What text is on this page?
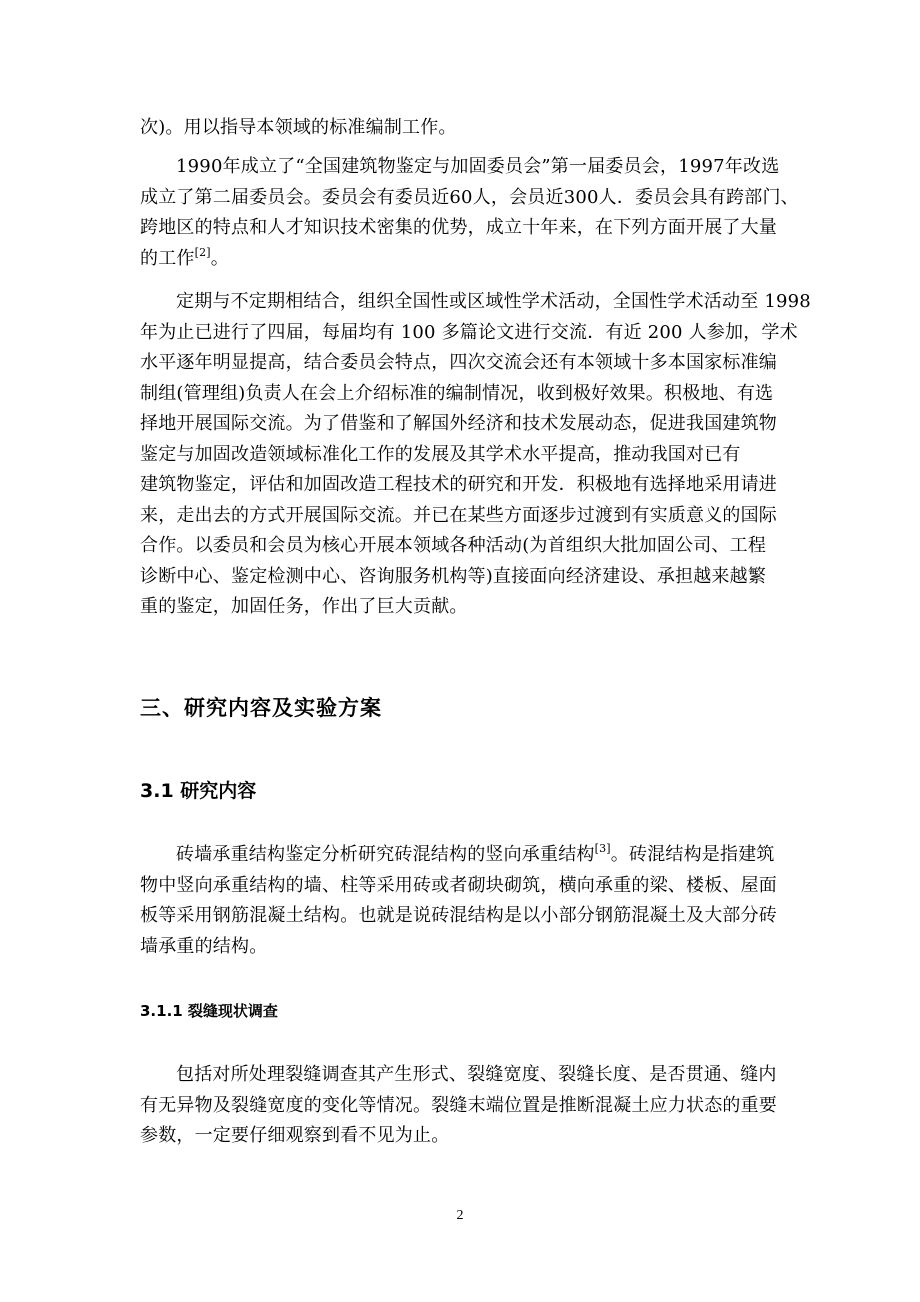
次)。用以指导本领域的标准编制工作。
1990年成立了“全国建筑物鉴定与加固委员会”第一届委员会，1997年改选
成立了第二届委员会。委员会有委员近60人，会员近300人．委员会具有跨部门、
跨地区的特点和人才知识技术密集的优势，成立十年来，在下列方面开展了大量
的工作[2]。
定期与不定期相结合，组织全国性或区域性学术活动，全国性学术活动至 1998
年为止已进行了四届，每届均有 100 多篇论文进行交流．有近 200 人参加，学术
水平逐年明显提高，结合委员会特点，四次交流会还有本领域十多本国家标准编
制组(管理组)负责人在会上介绍标准的编制情况，收到极好效果。积极地、有选
择地开展国际交流。为了借鉴和了解国外经济和技术发展动态，促进我国建筑物
鉴定与加固改造领域标准化工作的发展及其学术水平提高，推动我国对已有
建筑物鉴定，评估和加固改造工程技术的研究和开发．积极地有选择地采用请进
来，走出去的方式开展国际交流。并已在某些方面逐步过渡到有实质意义的国际
合作。以委员和会员为核心开展本领域各种活动(为首组织大批加固公司、工程
诊断中心、鉴定检测中心、咨询服务机构等)直接面向经济建设、承担越来越繁
重的鉴定，加固任务，作出了巨大贡献。
三、研究内容及实验方案
3.1 研究内容
砖墙承重结构鉴定分析研究砖混结构的竖向承重结构[3]。砖混结构是指建筑
物中竖向承重结构的墙、柱等采用砖或者砌块砌筑，横向承重的梁、楼板、屋面
板等采用钢筋混凝土结构。也就是说砖混结构是以小部分钢筋混凝土及大部分砖
墙承重的结构。
3.1.1 裂缝现状调查
包括对所处理裂缝调查其产生形式、裂缝宽度、裂缝长度、是否贯通、缝内
有无异物及裂缝宽度的变化等情况。裂缝末端位置是推断混凝土应力状态的重要
参数，一定要仔细观察到看不见为止。
2
